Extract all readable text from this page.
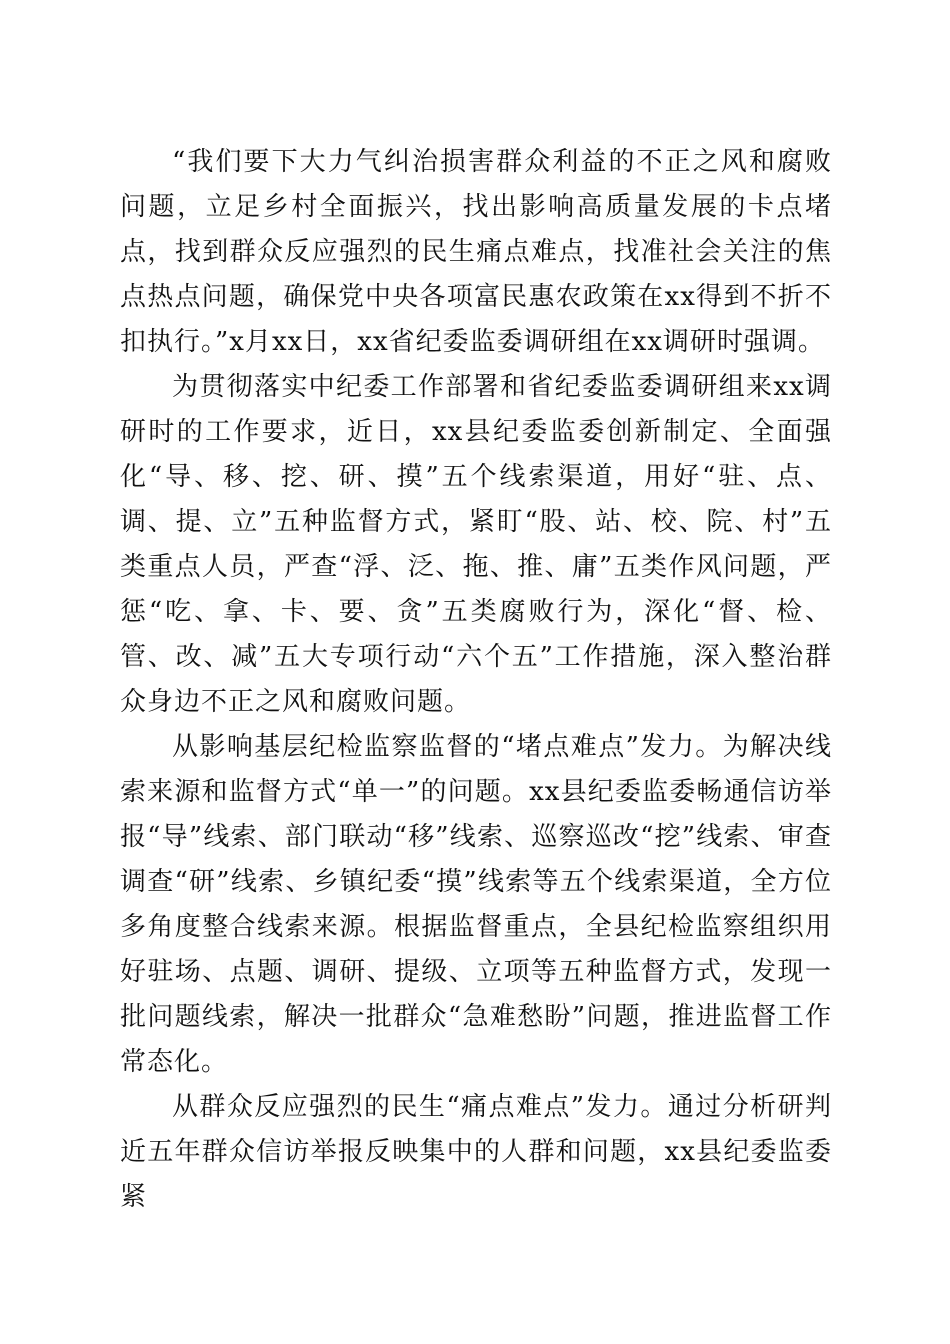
“我们要下大力气纠治损害群众利益的不正之风和腐败问题，立足乡村全面振兴，找出影响高质量发展的卡点堵点，找到群众反应强烈的民生痛点难点，找准社会关注的焦点热点问题，确保党中央各项富民惠农政策在xx得到不折不扣执行。”x月xx日，xx省纪委监委调研组在xx调研时强调。

为贯彻落实中纪委工作部署和省纪委监委调研组来xx调研时的工作要求，近日，xx县纪委监委创新制定、全面强化“导、移、挖、研、摸”五个线索渠道，用好“驻、点、调、提、立”五种监督方式，紧盯“股、站、校、院、村”五类重点人员，严查“浮、泛、拖、推、庸”五类作风问题，严惩“吃、拿、卡、要、贪”五类腐败行为，深化“督、检、管、改、减”五大专项行动“六个五”工作措施，深入整治群众身边不正之风和腐败问题。

从影响基层纪检监察监督的“堵点难点”发力。为解决线索来源和监督方式“单一”的问题。xx县纪委监委畅通信访举报“导”线索、部门联动“移”线索、巡察巡改“挖”线索、审查调查“研”线索、乡镇纪委“摸”线索等五个线索渠道，全方位多角度整合线索来源。根据监督重点，全县纪检监察组织用好驻场、点题、调研、提级、立项等五种监督方式，发现一批问题线索，解决一批群众“急难愁盼”问题，推进监督工作常态化。

从群众反应强烈的民生“痛点难点”发力。通过分析研判近五年群众信访举报反映集中的人群和问题，xx县纪委监委紧
